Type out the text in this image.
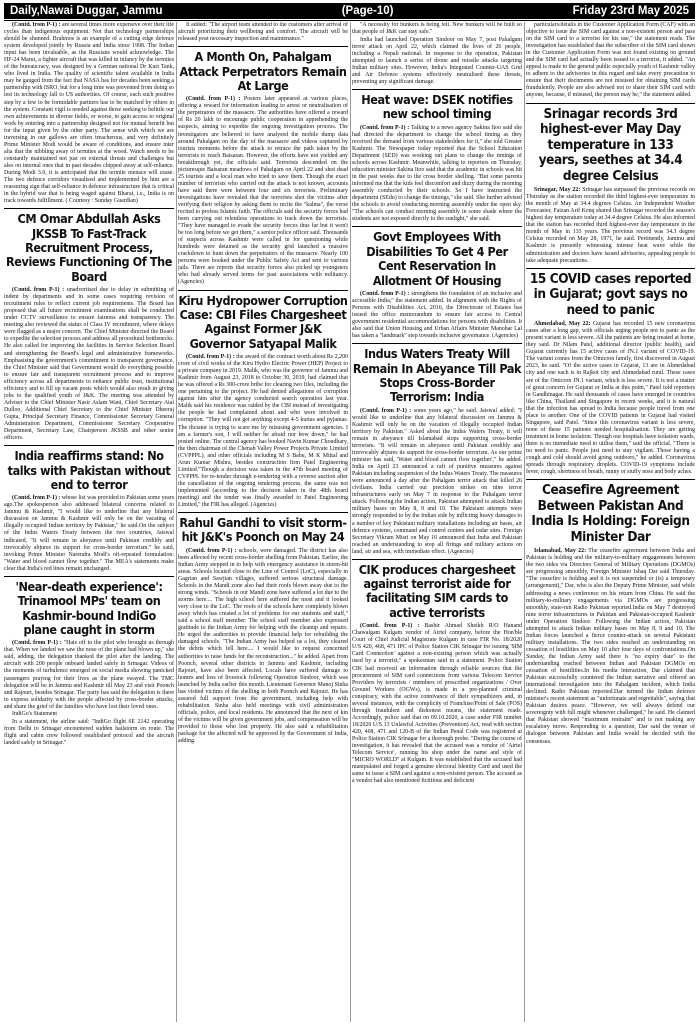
Daily,Nawai Duggar, Jammu	(Page-10)	Friday 23rd May 2025

(Contd. from P-1) : are several times more expensive over their life cycles than indigenous equipment. Not that technology partnerships should be shunned. Brahmos is an example of a cutting edge defence system developed jointly by Russia and India since 1998. The Indian input has been invaluable, as the Russians would acknowledge. The HF-24 Marut, a fighter aircraft that was killed in infancy by the termites of the bureaucracy, was designed by a German national Dr Kurt Tank, who lived in India. The quality of scientific talent available in India may be gauged from the fact that NASA has for decades been seeking a partnership with ISRO, but for a long time was prevented from doing so lest its technology fall to US authorities. Of course, each such positive step by a few to be formidable partners has to be matched by others in the system. Constant vigil is needed against those seeking to belittle our own achievements in diverse fields, or worse, to gain access to original work by entering into a partnership designed not for mutual benefit but for the input given by the other party. The sense with which we are traversing in our gallows are often treacherous, and very definitely Prime Minister Modi would be aware of conditions, and ensure inter alia that the nibbling away of termites at the wood. Watch needs to be constantly maintained not just on external threats and challenges but also on internal ones that in past decades chipped away at self-reliance. During Modi 3.0, it is anticipated that the termite menace will cease. The two defence corridors visualised and implemented by him are a reassuring sign that self-reliance in defence infrastructure that is critical in the hybrid war that is being waged against Bharat, i.e., India is on track towards fulfillment. ( Courtesy : Sunday Guardian)

CM Omar Abdullah Asks JKSSB To Fast-Track Recruitment Process, Reviews Functioning Of The Board

(Contd. from P-1) : unadvertised due to delay in submitting of indent by departments and in some cases requiring revision of recruitment rules to reflect current job requirements. The Board has proposed that all future recruitment examinations shall be conducted under CCTV surveillance to ensure fairness and transparency. The meeting also reviewed the status of Class IV recruitment, where delays were flagged as a major concern. The Chief Minister directed the Board to expedite the selection process and address all procedural bottlenecks. He also called for improving the facilities in Service Selection Board and strengthening the Board's legal and administrative frameworks. Emphasising the government's commitment to transparent governance, the Chief Minister said that Government would do everything possible to ensure fair and transparent recruitment process and to improve efficiency across all departments to enhance public trust, institutional efficiency and to fill up vacant posts which would also result in giving jobs to the qualified youth of J&K. The meeting was attended by Adviser to the Chief Minister Nasir Aslam Wani, Chief Secretary Atal Dulloo, Additional Chief Secretary to the Chief Minister Dheeraj Gupta, Principal Secretary Finance, Commissioner Secretary General Administration Department, Commissioner Secretary Cooperative Department, Secretary Law, Chairperson JKSSB and other senior officers.

India reaffirms stand: No talks with Pakistan without end to terror

(Contd. from P-1) : whose list was provided to Pakistan some years ago.The spokesperson also addressed bilateral concerns related to Jammu & Kashmir, "I would like to underline that any bilateral discussion on Jammu & Kashmir will only be on the vacating of illegally occupied Indian territory by Pakistan," he said.On the subject of the Indus Waters Treaty between the two countries, Jaiswal indicated, "It will remain in abeyance until Pakistan credibly and irrevocably abjures its support for cross-border terrorism." he said, invoking Prime Minister Narendra Modi's oft-repeated formulation: "Water and blood cannot flow together." The MEA's statements make clear that India's red lines remain unchanged.

'Near-death experience': Trinamool MPs' team on Kashmir-bound IndiGo plane caught in storm

(Contd. from P-1) : "Hats off to the pilot who brought us through that. When we landed we saw the nose of the plane had blown up," she said, adding, the delegation thanked the pilot after the landing. The aircraft with 200 people onboard landed safely in Srinagar. Videos of the moments of turbulence emerged on social media showing panicked passengers praying for their lives as the plane swayed. The TMC delegation will be in Jammu and Kashmir till May 23 and visit Poonch and Rajouri, besides Srinagar. The party has said the delegation is there to express solidarity with the people affected by cross-border attacks, and share the grief of the families who have lost their loved ones.

IndiGo's Statement

In a statement, the airline said: "IndiGo flight 6E 2142 operating from Delhi to Srinagar encountered sudden hailstorm en route. The flight and cabin crew followed established protocol and the aircraft landed safely in Srinagar."

It added: "The airport team attended to the customers after arrival of aircraft prioritizing their wellbeing and comfort. The aircraft will be released post necessary inspection and maintenance."

A Month On, Pahalgam Attack Perpetrators Remain At Large

(Contd. from P-1) : Posters later appeared at various places, offering a reward for information leading to arrest or neutralisation of the perpetrators of the massacre. The authorities have offered a reward of Rs 20 lakh to encourage public cooperation in apprehending the suspects, aiming to expedite the ongoing investigation process. The investigators are believed to have analysed the mobile dump data around Pahalgam on the day of the massacre and videos captured by tourists moments before the attack to retrace the path taken by the terrorists to reach Baisaran. However, the efforts have not yielded any breakthrough yet, the officials said. Terrorists descended on the picturesque Baisaran meadows of Pahalgam on April 22 and shot dead 25 tourists and a local man who tried to save them. Though the exact number of terrorists who carried out the attack is not known, accounts have said there were between four and six terrorists. Preliminary investigations have revealed that the terrorists shot the victims after verifying their religion by asking them to recite the "kalma", the verse recited to profess Islamic faith. The officials said the security forces had been carrying out relentless operations to track down the terrorists. "They have managed to evade the security forces thus far but it won't be too long before we get them," a senior police officer said. Thousands of suspects across Kashmir were called in for questioning while hundreds were detained as the security grid launched a massive crackdown to hunt down the perpetrators of the massacre. Nearly 100 persons were booked under the Public Safety Act and sent to various jails. There are reports that security forces also picked up youngsters who had already served terms for past associations with militancy. (Agencies)

Kiru Hydropower Corruption Case: CBI Files Chargesheet Against Former J&K Governor Satyapal Malik

(Contd. from P-1) : the award of the contract worth about Rs 2,200 crore of civil works of the Kiru Hydro Electric Power (HEP) Project to a private company in 2019. Malik, who was the governor of Jammu and Kashmir from August 23, 2018 to October 30, 2019, had claimed that he was offered a Rs 300-crore bribe for clearing two files, including the one pertaining to the project. He had denied allegations of corruption against him after the agency conducted search operation last year. Malik said his residence was raided by the CBI instead of investigating the people he had complained about and who were involved in corruption. "They will not get anything except 4-5 kurtas and pyjamas. The dictator is trying to scare me by misusing government agencies. I am a farmer's son, I will neither be afraid nor bow down," he had posted online. The central agency has booked Navin Kumar Choudhary, the then chairman of the Chenab Valley Power Projects Private Limited (CVPPPL), and other officials including M S Babu, M K Mittal and Arun Kumar Mishra, besides construction firm Patel Engineering Limited."Though a decision was taken in the 47th board meeting of CVPPPL for re-tender through e-tendering with a reverse auction after the cancellation of the ongoing tendering process, the same was not implemented (according to the decision taken in the 48th board meeting) and the tender was finally awarded to Patel Engineering Limited," the FIR has alleged. (Agencies)

Rahul Gandhi to visit storm-hit J&K's Poonch on May 24

(Contd. from P-1) : schools, were damaged. The district has also been affected by recent cross-border shelling from Pakistan. Earlier, the Indian Army stepped in to help with emergency assistance in storm-hit areas. Schools located close to the Line of Control (LoC), especially in Gagrian and Sawjian villages, suffered serious structural damage. Schools in the Mandi zone also had their roofs blown away due to the strong winds. "Schools in our Mandi zone have suffered a lot due to the storms here.... The high school here suffered the most and it looked very close to the LoC. The roofs of the schools have completely blown away which has created a lot of problems for our students and staff," said a school staff member. The school staff member also expressed gratitude to the Indian Army for helping with the cleanup and repairs. He urged the authorities to provide financial help for rebuilding the damaged schools. "The Indian Army has helped us a lot, they cleared the debris which fell here.... I would like to request concerned authorities to raise funds for the reconstruction..." he added. Apart from Poonch, several other districts in Jammu and Kashmir, including Rajouri, have also been affected. Locals have suffered damage to homes and loss of livestock following Operation Sindoor, which was launched by India earlier this month. Lieutenant Governor Manoj Sinha has visited victims of the shelling in both Poonch and Rajouri. He has assured full support from the government, including help with rehabilitation. Sinha also held meetings with civil administration officials, police, and local residents. He announced that the next of kin of the victims will be given government jobs, and compensation will be provided to those who lost property. He also said a rehabilitation package for the affected will be approved by the Government of India, adding.

"A necessity for bunkers is being felt. New bunkers will be built so that people of J&K can stay safe."

India had launched Operation Sindoor on May 7, post Pahalgam terror attack on April 22, which claimed the lives of 26 people, including a Nepali national. In response to the operation, Pakistan attempted to launch a series of drone and missile attacks targeting Indian military sites. However, India's Integrated Counter-UAS Grid and Air Defence systems effectively neutralised these threats, preventing any significant damage.

Heat wave: DSEK notifies new school timing

(Contd. from P-1) : Talking to a news agency Sakina Itoo said she had directed the department to change the school timing as they received the demand from various stakeholders for it," she told Greater Kashmir. The Newspaper today reported that the School Education Department (SED) was working out plans to change the timings of schools across Kashmir. Meanwhile, talking to reporters on Thursday, education minister Sakina Itoo said that the academic in schools was hit in the past weeks due to the cross border shelling. "But some parents informed me that the kids feel discomfort and dizzy during the morning assembly conducted by their schools. So I have instructed the department (SEdu) to change the timings," she said. She further advised the schools to avoid conducting morning assembly under the open sky. "The schools can conduct morning assembly in some shade where the students are not exposed directly to the sunlight," she said.

Govt Employees With Disabilities To Get 4 Per Cent Reservation In Allotment Of Housing

(Contd. from P-1) : strengthens the foundation of an inclusive and accessible India," the statement added. In alignment with the Rights of Persons with Disabilities Act, 2016, the Directorate of Estates has issued the office memorandum to ensure fair access to Central government residential accommodations for persons with disabilities. It also said that Union Housing and Urban Affairs Minister Manohar Lal has taken a "landmark" step towards inclusive governance. (Agencies)

Indus Waters Treaty Will Remain In Abeyance Till Pak Stops Cross-Border Terrorism: India

(Contd. from P-1) : some years ago," he said. Jaiswal added: "I would like to underline that any bilateral discussion on Jammu & Kashmir will only be on the vacation of illegally occupied Indian territory by Pakistan." Asked about the Indus Waters Treaty, it will remain in abeyance till Islamabad stops supporting cross-border terrorism. "It will remain in abeyance until Pakistan credibly and irrevocably abjures its support for cross-border terrorism. As our prime minister has said, 'Water and blood cannot flow together'," he added. India on April 23 announced a raft of punitive measures against Pakistan including suspension of the Indus Waters Treaty. The measures were announced a day after the Pahalgam terror attack that killed 26 civilians. India carried out precision strikes on nine terror infrastructures early on May 7 in response to the Pahalgam terror attack. Following the Indian action, Pakistan attempted to attack Indian military bases on May 8, 9 and 10. The Pakistani attempts were strongly responded to by the Indian side by inflicting heavy damages to a number of key Pakistani military installations including air bases, air defence systems, command and control centres and radar sites. Foreign Secretary Vikram Misri on May 10 announced that India and Pakistan reached an understanding to stop all firings and military actions on land, air and sea, with immediate effect. (Agencies)

CIK produces chargesheet against terrorist aide for facilitating SIM cards to active terrorists

(Contd. from P-1) : Bashir Ahmad Sheikh R/O Hanand Chawalgam Kulgam vendor of Airtel company, before the Hon'ble Court of Chief Judicial Magistrate Kulgam in case FIR No. 18/2020 U/S 420, 468, 471 IPC of Police Station CIK Srinagar for issuing 'SIM Card Connection' against a non-existing person which was actually used by a terrorist," a spokesman said in a statement. Police Station CIK had received an information through reliable sources that the procurement of SIM card connections from various Telecom Service Providers by terrorists / members of proscribed organizations / Over Ground Workers (OGWs), is made in a pre-planned criminal conspiracy, with the active connivance of their sympathizers and, in several instances, with the complicity of Franchise/Point of Sale (POS) through fraudulent and dishonest means, the statement reads. Accordingly, police said that on 09.10.2020, a case under FIR number 18/2020 U/S 13 Unlawful Activities (Prevention) Act, read with section 420, 468, 471 and 120-B of the Indian Penal Code was registered at Police Station CIK Srinagar for a thorough probe. "During the course of investigation, it has revealed that the accused was a vendor of 'Airtel Telecom Service', running his shop under the name and style of "MICRO WORLD" at Kulgam. It was established that the accused had manipulated and forged a genuine electoral Identity Card and used the same to issue a SIM card against a non-existent person. The accused as a vendor had also mentioned fictitious and deficient

particulars/details in the Customer Application Form (CAF) with an objective to issue the SIM card against a non-existent person and pass on the SIM card to a terrorist for his use," the statement reads. The investigation has established that the subscriber of the SIM card shown in the Customer Application Form was not found existing on ground and the SIM card had actually been issued to a terrorist, it added. "An appeal is made to the general public especially youth of Kashmir valley to adhere to the advisories in this regard and take every precaution to ensure that their documents are not misused for obtaining SIM cards fraudulently. People are also advised not to share their SIM card with anyone, because, if misused, the person may be," the statement added.

Srinagar records 3rd highest-ever May Day temperature in 133 years, seethes at 34.4 degree Celsius

Srinagar, May 22: Srinagar has surpassed the previous records on Thursday as the station recorded the third highest-ever temperature in the month of May at 34.4 degrees Celsius. An Independent Weather Forecaster, Faizan Arif Kenq shared that Srinagar recorded the season's highest day temperature today at 34.4 degree Celsius. He also informed that the station has recorded third highest-ever day temperature in the month of May in 133 years. The previous record was 34.3 degree Celsius recorded on May 28, 1971, he said. Pertinently, Jammu and Kashmir is presently witnessing intense heat wave while the administration and doctors have issued advisories, appealing people to take adequate precautions.

15 COVID cases reported in Gujarat; govt says no need to panic

Ahmedabad, May 22: Gujarat has recorded 15 new coronavirus cases after a long gap, with officials urging people not to panic as the present variant is less severe. All the patients are being treated at home, they said. Dr Nilam Patel, additional director (public health), said Gujarat currently has 15 active cases of JN.1 variant of COVID-19. The variant comes from the Omicron family, first discovered in August 2023, he said. "Of the active cases in Gujarat, 13 are in Ahmedabad city and one each is in Rajkot city and Ahmedabad rural. These cases are of the Omicron JN.1 variant, which is less severe. It is not a matter of great concern for Gujarat or India at this point," Patel told reporters in Gandhinagar. He said thousands of cases have emerged in countries like China, Thailand and Singapore in recent weeks, and it is natural that the infection has spread to India because people travel from one place to another. One of the COVID patients in Gujarat had visited Singapore, said Patel. "Since this coronavirus variant is less severe, none of these 15 patients needed hospitalisation. They are getting treatment in home isolation. Though our hospitals have isolation wards, there is no immediate need to utilise them," said the official. "There is no need to panic. People just need to stay vigilant. Those having a cough and cold should avoid going outdoors," he added. Coronavirus spreads through respiratory droplets. COVID-19 symptoms include fever, cough, shortness of breath, runny or stuffy nose and body aches.

Ceasefire Agreement Between Pakistan And India Is Holding: Foreign Minister Dar

Islamabad, May 22: The ceasefire agreement between India and Pakistan is holding and the military-to-military engagements between the two sides via Directors General of Military Operations (DGMOs) are progressing smoothly, Foreign Minister Ishaq Dar said Thursday. "The ceasefire is holding and it is not suspended or (is) a temporary (arrangement)," Dar, who is also the Deputy Prime Minister, said while addressing a news conference on his return from China. He said the military-to-military engagements via DGMOs are progressing smoothly, state-run Radio Pakistan reported.India on May 7 destroyed nine terror infrastructures in Pakistan and Pakistan-occupied Kashmir under Operation Sindoor. Following the Indian action, Pakistan attempted to attack Indian military bases on May 8, 9 and 10. The Indian forces launched a fierce counter-attack on several Pakistani military installations. The two sides reached an understanding on cessation of hostilities on May 10 after four days of confrontations.On Sunday, the Indian Army said there is "no expiry date" to the understanding reached between Indian and Pakistan DGMOs on cessation of hostilities.In his media interaction, Dar claimed that Pakistan successfully countered the Indian narrative and offered an international investigation into the Pahalgam incident, which India declined. Radio Pakistan reported.Dar termed the Indian defence minister's recent statement as "unfortunate and regrettable", saying that Pakistan desires peace. "However, we will always defend our sovereignty with full might whenever challenged," he said. He claimed that Pakistan showed "maximum restraint" and is not making any escalatory move. Responding to a question, Dar said the venue of dialogue between Pakistan and India would be decided with the consensus.
